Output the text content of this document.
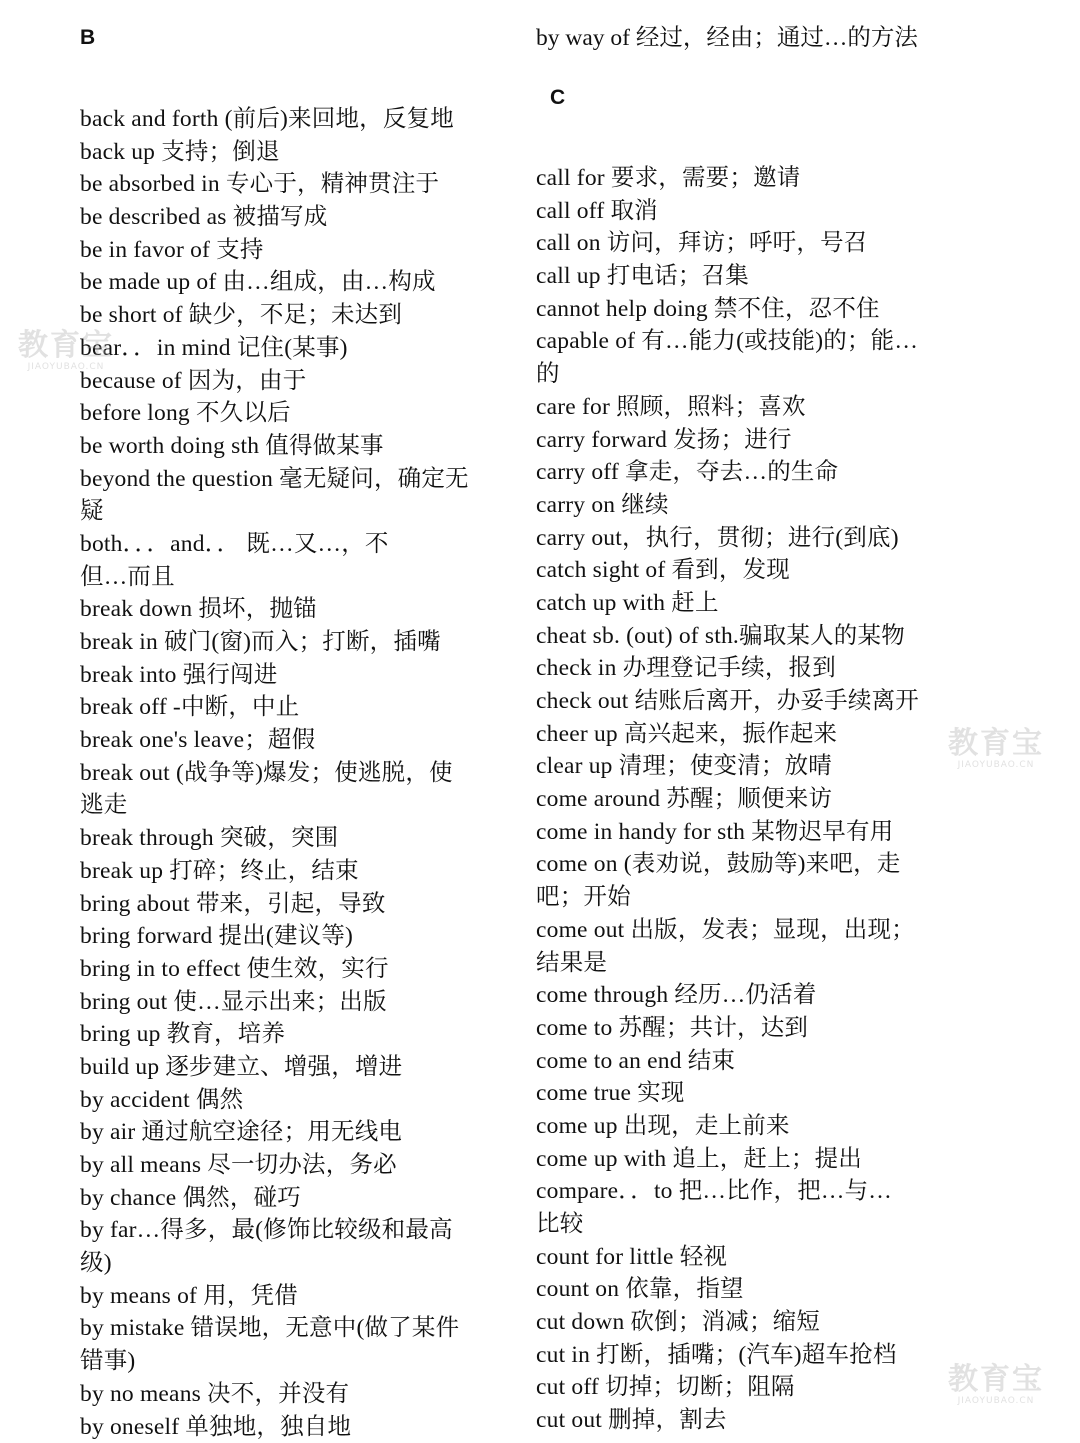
B
back and forth (前后)来回地，反复地
back up 支持；倒退
be absorbed in 专心于，精神贯注于
be described as 被描写成
be in favor of 支持
be made up of 由…组成，由…构成
be short of 缺少，不足；未达到
bear．．in mind 记住(某事)
because of 因为，由于
before long 不久以后
be worth doing sth 值得做某事
beyond the question 毫无疑问，确定无
疑
both．．．and．． 既…又…，不
但…而且
break down 损坏，抛锚
break in 破门(窗)而入；打断，插嘴
break into 强行闯进
break off -中断，中止
break one's leave；超假
break out (战争等)爆发；使逃脱，使
逃走
break through 突破，突围
break up 打碎；终止，结束
bring about 带来，引起，导致
bring forward 提出(建议等)
bring in to effect 使生效，实行
bring out 使…显示出来；出版
bring up 教育，培养
build up 逐步建立、增强，增进
by accident 偶然
by air 通过航空途径；用无线电
by all means 尽一切办法，务必
by chance 偶然，碰巧
by far…得多，最(修饰比较级和最高
级)
by means of 用，凭借
by mistake 错误地，无意中(做了某件
错事)
by no means 决不，并没有
by oneself 单独地，独自地
by way of 经过，经由；通过…的方法
C
call for 要求，需要；邀请
call off 取消
call on 访问，拜访；呼吁，号召
call up 打电话；召集
cannot help doing 禁不住，忍不住
capable of 有…能力(或技能)的；能…
的
care for 照顾，照料；喜欢
carry forward 发扬；进行
carry off 拿走，夺去…的生命
carry on 继续
carry out，执行，贯彻；进行(到底)
catch sight of 看到，发现
catch up with 赶上
cheat sb. (out) of sth.骗取某人的某物
check in 办理登记手续，报到
check out 结账后离开，办妥手续离开
cheer up 高兴起来，振作起来
clear up 清理；使变清；放晴
come around 苏醒；顺便来访
come in handy for sth 某物迟早有用
come on (表劝说，鼓励等)来吧，走
吧；开始
come out 出版，发表；显现，出现；
结果是
come through 经历…仍活着
come to 苏醒；共计，达到
come to an end 结束
come true 实现
come up 出现，走上前来
come up with 追上，赶上；提出
compare．．to 把…比作，把…与…
比较
count for little 轻视
count on 依靠，指望
cut down 砍倒；消减；缩短
cut in 打断，插嘴；(汽车)超车抢档
cut off 切掉；切断；阻隔
cut out 删掉，割去
教育宝
JIAOYUBAO.CN
教育宝
JIAOYUBAO.CN
教育宝
JIAOYUBAO.CN
